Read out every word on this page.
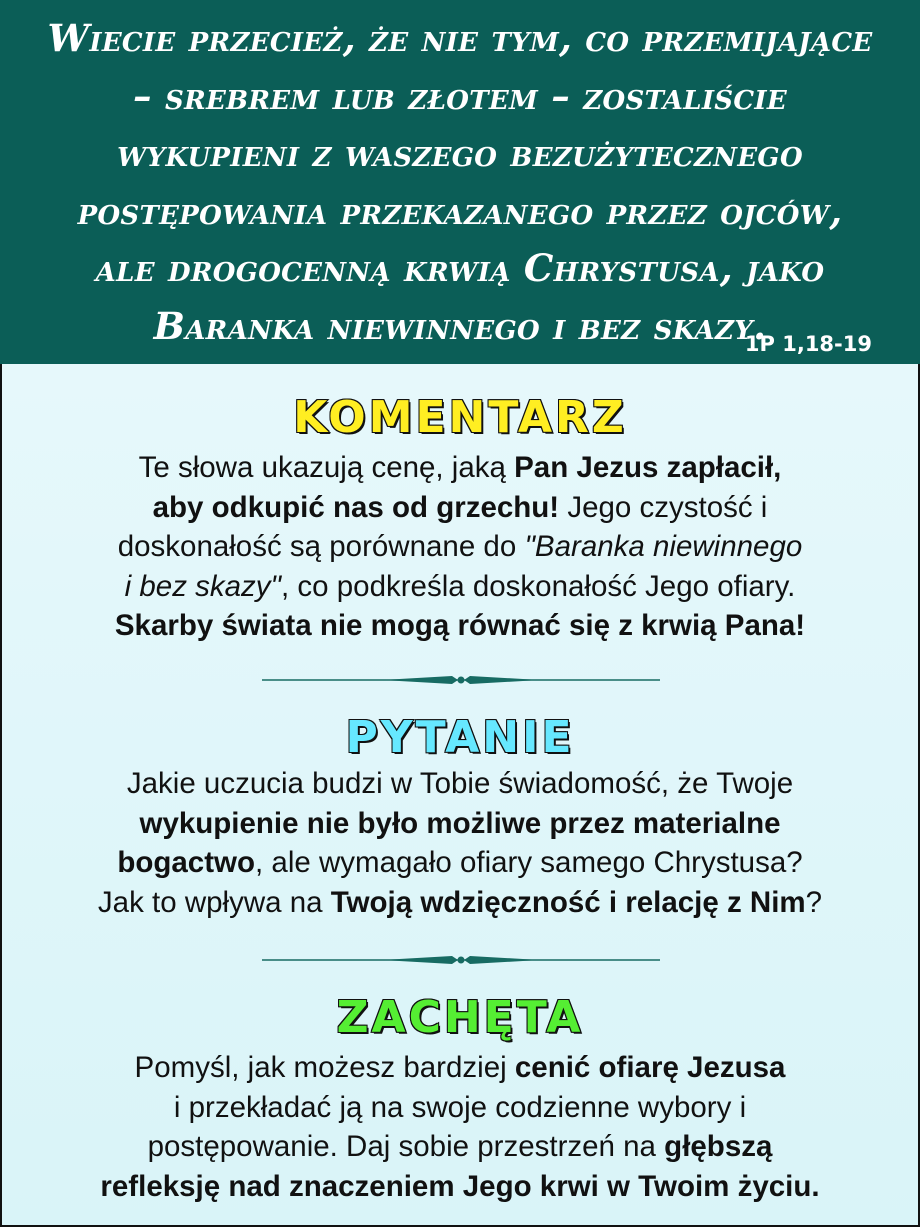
Wiecie przecież, że nie tym, co przemijające
– srebrem lub złotem – zostaliście
wykupieni z waszego bezużytecznego
postępowania przekazanego przez ojców,
ale drogocenną krwią Chrystusa, jako
Baranka niewinnego i bez skazy.

1P 1,18-19
KOMENTARZ

Te słowa ukazują cenę, jaką Pan Jezus zapłacił,
aby odkupić nas od grzechu! Jego czystość i
doskonałość są porównane do "Baranka niewinnego
i bez skazy", co podkreśla doskonałość Jego ofiary.
Skarby świata nie mogą równać się z krwią Pana!

PYTANIE

Jakie uczucia budzi w Tobie świadomość, że Twoje
wykupienie nie było możliwe przez materialne
bogactwo, ale wymagało ofiary samego Chrystusa?
Jak to wpływa na Twoją wdzięczność i relację z Nim?

ZACHĘTA

Pomyśl, jak możesz bardziej cenić ofiarę Jezusa
i przekładać ją na swoje codzienne wybory i
postępowanie. Daj sobie przestrzeń na głębszą
refleksję nad znaczeniem Jego krwi w Twoim życiu.
